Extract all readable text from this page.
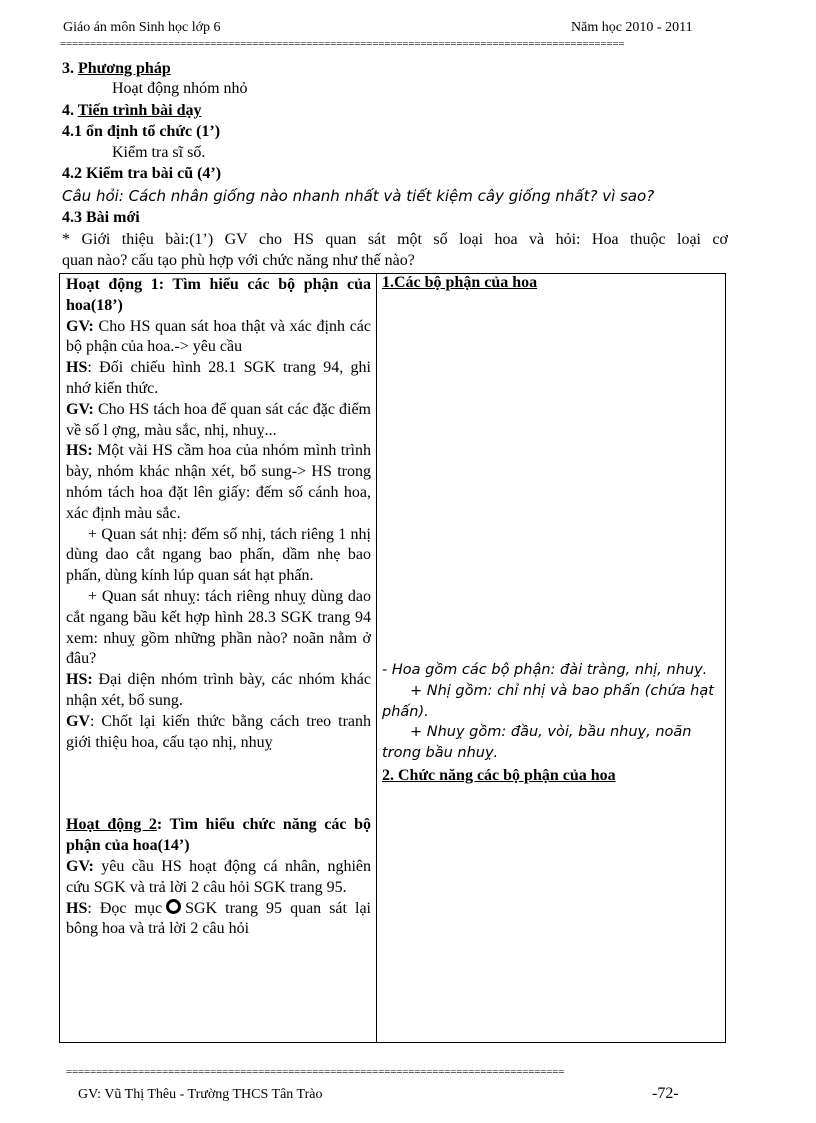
Giáo án môn Sinh học lớp 6	Năm học 2010 - 2011
==============================================================================================
3. Phương pháp
Hoạt động nhóm nhỏ
4. Tiến trình bài dạy
4.1 ổn định tổ chức (1’)
Kiểm tra sĩ số.
4.2 Kiểm tra bài cũ (4’)
Câu hỏi: Cách nhân giống nào nhanh nhất và tiết kiệm cây giống nhất? vì sao?
4.3 Bài mới
* Giới thiệu bài:(1’) GV cho HS quan sát một số loại hoa và hỏi: Hoa thuộc loại cơ
quan nào? cấu tạo phù hợp với chức năng như thế nào?

Hoạt động 1: Tìm hiểu các bộ phận của hoa(18’)

GV: Cho HS quan sát hoa thật và xác định các bộ phận của hoa.-> yêu cầu

HS: Đối chiếu hình 28.1 SGK trang 94, ghi nhớ kiến thức.

GV: Cho HS tách hoa để quan sát các đặc điểm về số l ợng, màu sắc, nhị, nhuỵ...

HS: Một vài HS cầm hoa của nhóm mình trình bày, nhóm khác nhận xét, bổ sung-> HS trong nhóm tách hoa đặt lên giấy: đếm số cánh hoa, xác định màu sắc.

+ Quan sát nhị: đếm số nhị, tách riêng 1 nhị dùng dao cắt ngang bao phấn, dầm nhẹ bao phấn, dùng kính lúp quan sát hạt phấn.

+ Quan sát nhuỵ: tách riêng nhuỵ dùng dao cắt ngang bầu kết hợp hình 28.3 SGK trang 94 xem: nhuỵ gồm những phần nào? noãn nằm ở đâu?

HS: Đại diện nhóm trình bày, các nhóm khác nhận xét, bổ sung.

GV: Chốt lại kiến thức bằng cách treo tranh giới thiệu hoa, cấu tạo nhị, nhuỵ

Hoạt động 2: Tìm hiểu chức năng các bộ phận của hoa(14’)

GV: yêu cầu HS hoạt động cá nhân, nghiên cứu SGK và trả lời 2 câu hỏi SGK trang 95.

HS: Đọc mục SGK trang 95 quan sát lại bông hoa và trả lời 2 câu hỏi

1.Các bộ phận của hoa

- Hoa gồm các bộ phận: đài tràng, nhị, nhuỵ.

+ Nhị gồm: chỉ nhị và bao phấn (chứa hạt phấn).

+ Nhuỵ gồm: đầu, vòi, bầu nhuỵ, noãn trong bầu nhuỵ.

2. Chức năng các bộ phận của hoa

===================================================================================
GV: Vũ Thị Thêu - Trường THCS Tân Trào	-72-
